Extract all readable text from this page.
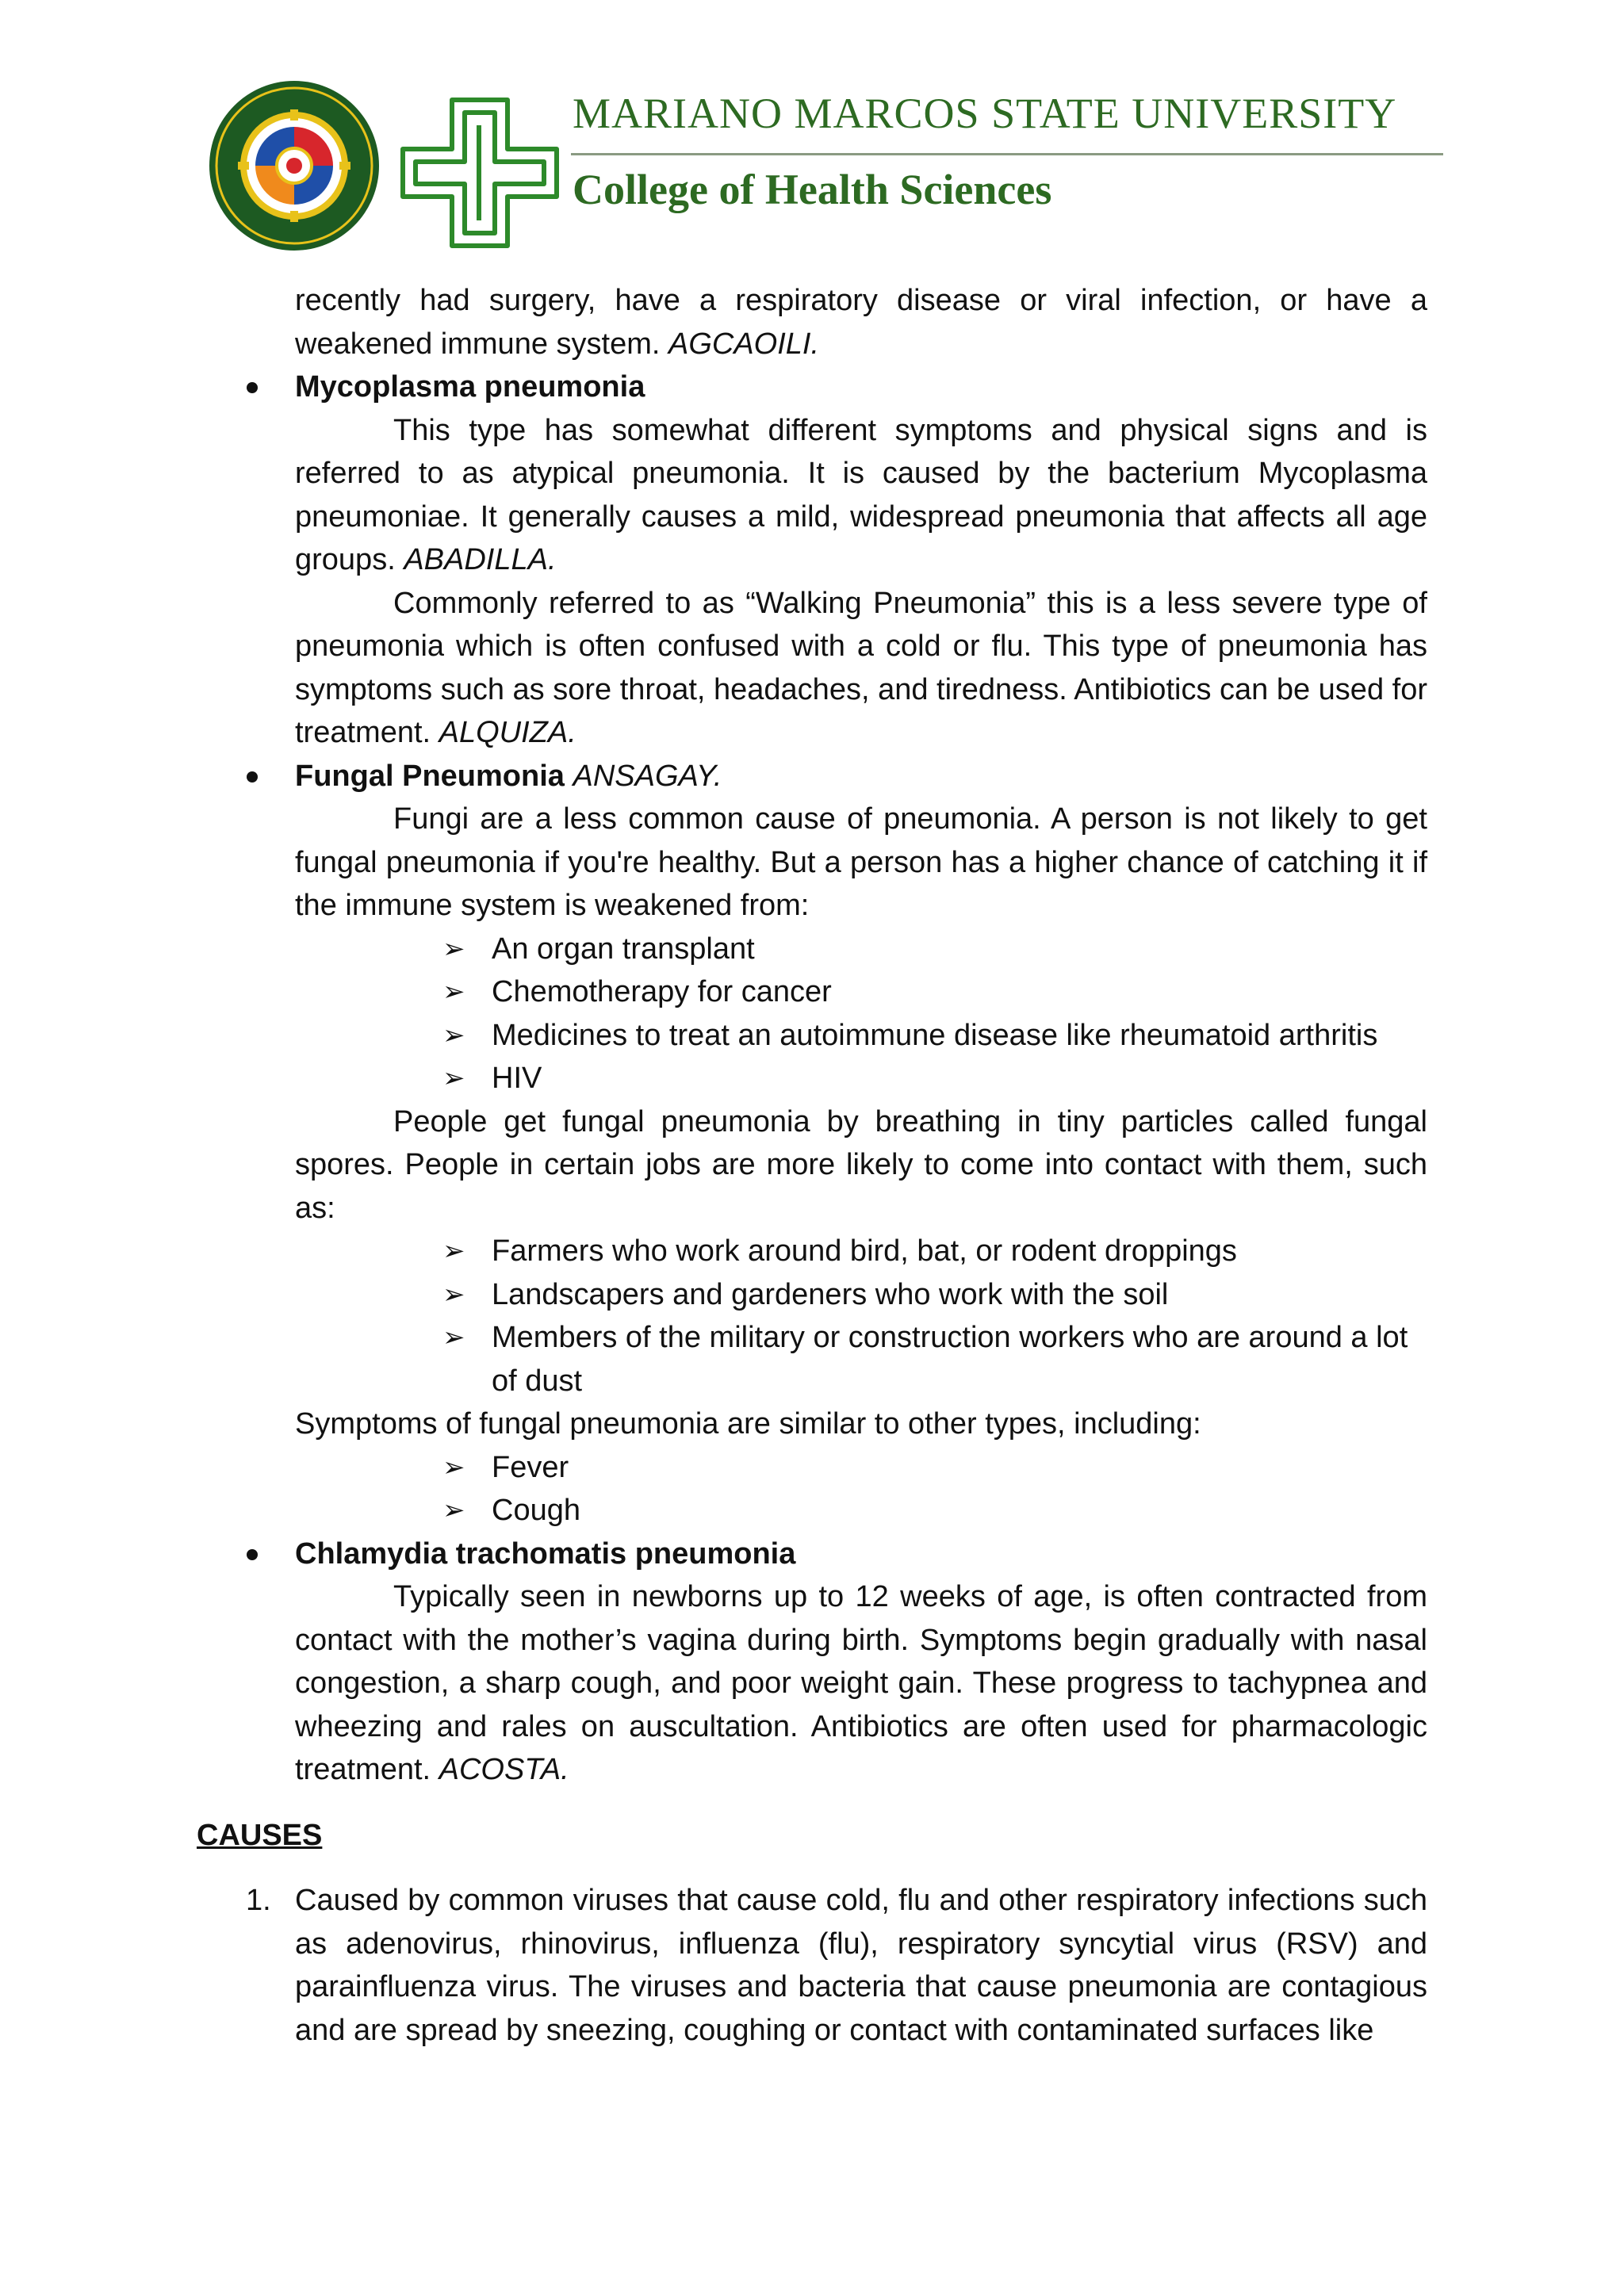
MARIANO MARCOS STATE UNIVERSITY
College of Health Sciences

recently had surgery, have a respiratory disease or viral infection, or have a weakened immune system. AGCAOILI.

Mycoplasma pneumonia

This type has somewhat different symptoms and physical signs and is referred to as atypical pneumonia. It is caused by the bacterium Mycoplasma pneumoniae. It generally causes a mild, widespread pneumonia that affects all age groups. ABADILLA.

Commonly referred to as “Walking Pneumonia” this is a less severe type of pneumonia which is often confused with a cold or flu. This type of pneumonia has symptoms such as sore throat, headaches, and tiredness. Antibiotics can be used for treatment. ALQUIZA.

Fungal Pneumonia ANSAGAY.

Fungi are a less common cause of pneumonia. A person is not likely to get fungal pneumonia if you're healthy. But a person has a higher chance of catching it if the immune system is weakened from:

➢ An organ transplant
➢ Chemotherapy for cancer
➢ Medicines to treat an autoimmune disease like rheumatoid arthritis
➢ HIV

People get fungal pneumonia by breathing in tiny particles called fungal spores. People in certain jobs are more likely to come into contact with them, such as:

➢ Farmers who work around bird, bat, or rodent droppings
➢ Landscapers and gardeners who work with the soil
➢ Members of the military or construction workers who are around a lot of dust

Symptoms of fungal pneumonia are similar to other types, including:

➢ Fever
➢ Cough
Chlamydia trachomatis pneumonia

Typically seen in newborns up to 12 weeks of age, is often contracted from contact with the mother’s vagina during birth. Symptoms begin gradually with nasal congestion, a sharp cough, and poor weight gain. These progress to tachypnea and wheezing and rales on auscultation. Antibiotics are often used for pharmacologic treatment. ACOSTA.

CAUSES

1. Caused by common viruses that cause cold, flu and other respiratory infections such as adenovirus, rhinovirus, influenza (flu), respiratory syncytial virus (RSV) and parainfluenza virus. The viruses and bacteria that cause pneumonia are contagious and are spread by sneezing, coughing or contact with contaminated surfaces like
